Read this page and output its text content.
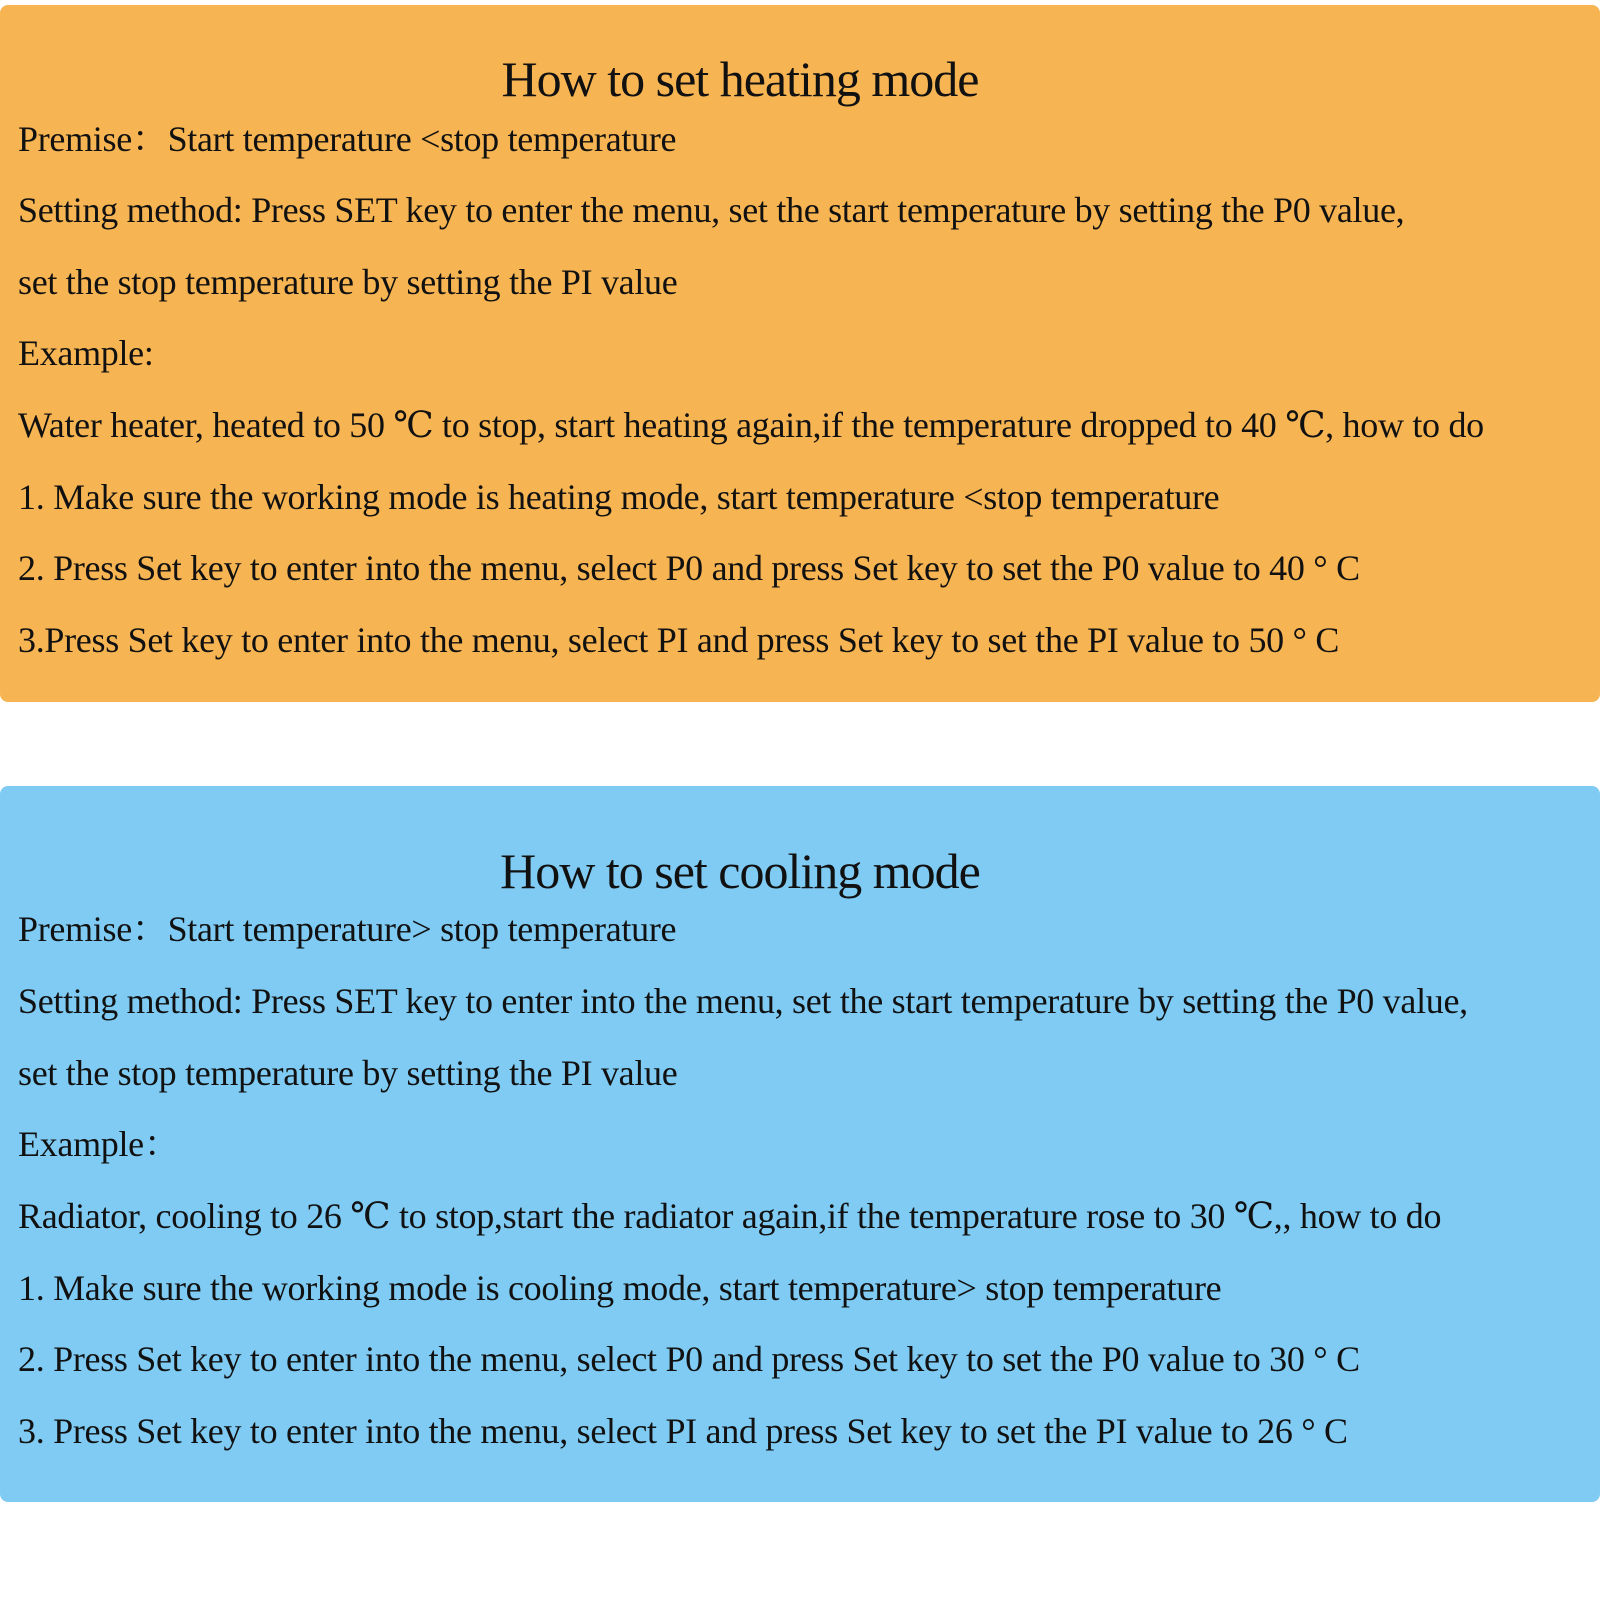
How to set heating mode
Premise：Start temperature <stop temperature
Setting method: Press SET key to enter the menu, set the start temperature by setting the P0 value,
set the stop temperature by setting the PI value
Example:
Water heater, heated to 50 ℃ to stop, start heating again,if the temperature dropped to 40 ℃, how to do
1. Make sure the working mode is heating mode, start temperature <stop temperature
2. Press Set key to enter into the menu, select P0 and press Set key to set the P0 value to 40 ° C
3.Press Set key to enter into the menu, select PI and press Set key to set the PI value to 50 ° C
How to set cooling mode
Premise：Start temperature> stop temperature
Setting method: Press SET key to enter into the menu, set the start temperature by setting the P0 value,
set the stop temperature by setting the PI value
Example：
Radiator, cooling to 26 ℃ to stop,start the radiator again,if the temperature rose to 30 ℃,, how to do
1. Make sure the working mode is cooling mode, start temperature> stop temperature
2. Press Set key to enter into the menu, select P0 and press Set key to set the P0 value to 30 ° C
3. Press Set key to enter into the menu, select PI and press Set key to set the PI value to 26 ° C
